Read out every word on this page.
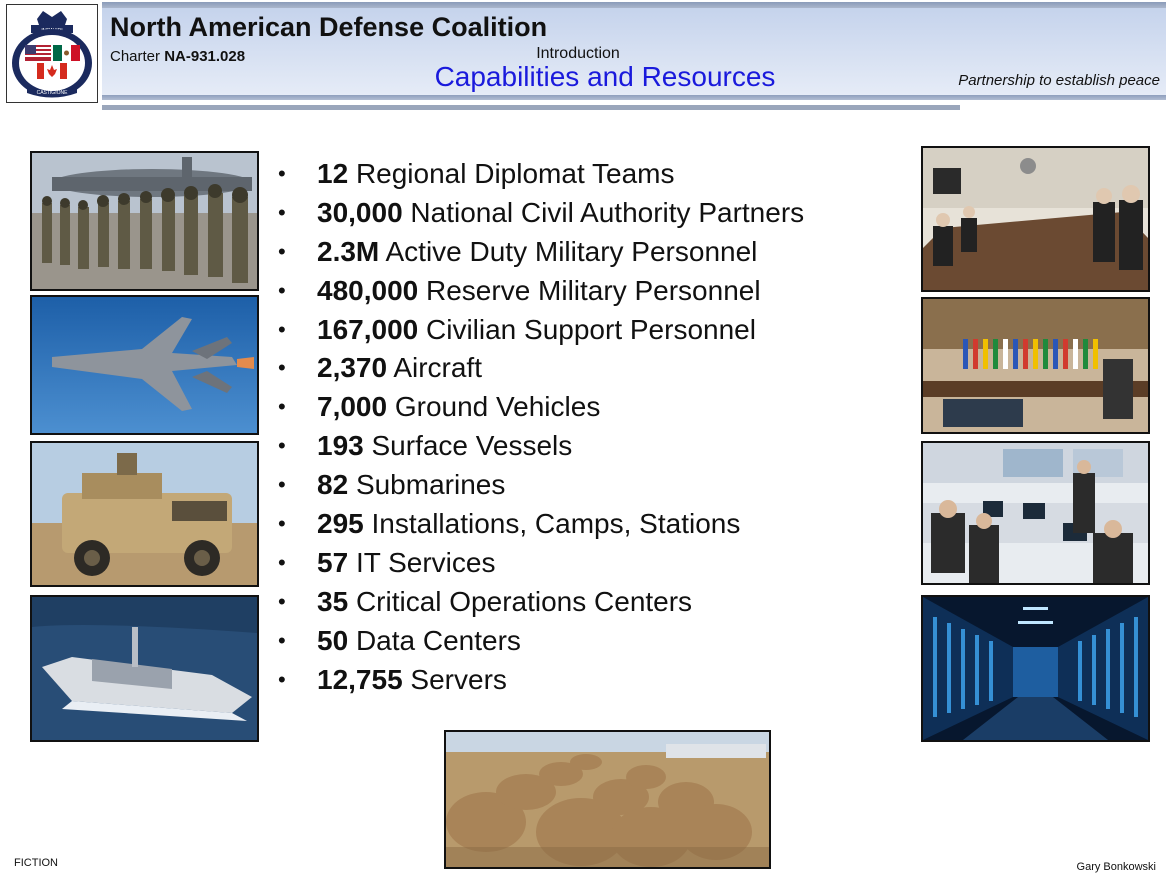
CASTIGIONE
North American Defense Coalition
Charter NA-931.028	Introduction
Capabilities and Resources	Partnership to establish peace
• 12 Regional Diplomat Teams
• 30,000 National Civil Authority Partners
• 2.3M Active Duty Military Personnel
• 480,000 Reserve Military Personnel
• 167,000 Civilian Support Personnel
• 2,370 Aircraft
• 7,000 Ground Vehicles
• 193 Surface Vessels
• 82 Submarines
• 295 Installations, Camps, Stations
• 57 IT Services
• 35 Critical Operations Centers
• 50 Data Centers
• 12,755 Servers
FICTION	Gary Bonkowski
